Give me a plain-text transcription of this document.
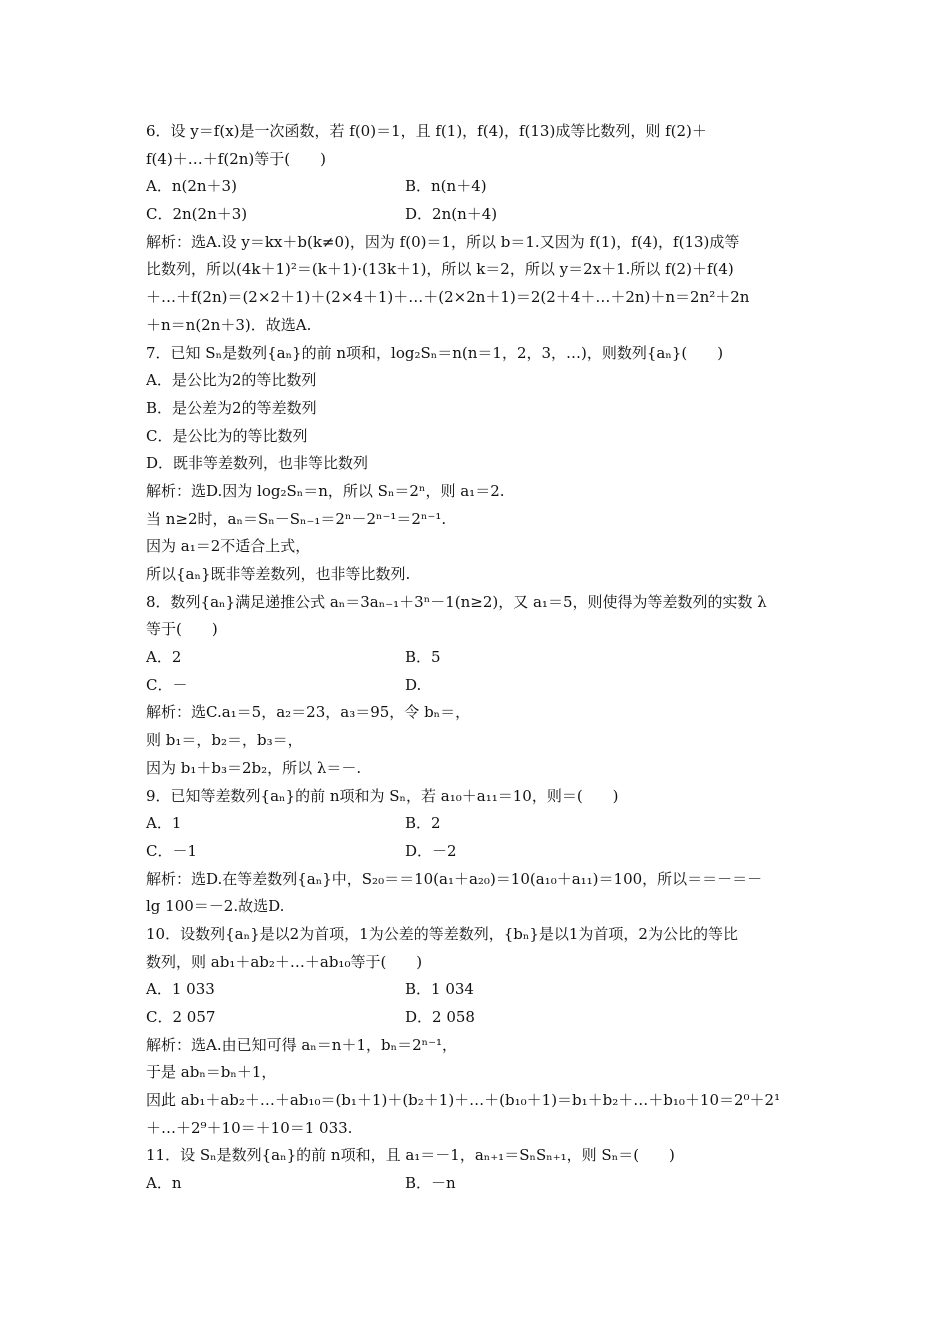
6．设 y＝f(x)是一次函数，若 f(0)＝1，且 f(1)，f(4)，f(13)成等比数列，则 f(2)＋
f(4)＋…＋f(2n)等于(　　)
A．n(2n＋3)	B．n(n＋4)
C．2n(2n＋3)	D．2n(n＋4)
解析：选A.设 y＝kx＋b(k≠0)，因为 f(0)＝1，所以 b＝1.又因为 f(1)，f(4)，f(13)成等
比数列，所以(4k＋1)²＝(k＋1)·(13k＋1)，所以 k＝2，所以 y＝2x＋1.所以 f(2)＋f(4)
＋…＋f(2n)＝(2×2＋1)＋(2×4＋1)＋…＋(2×2n＋1)＝2(2＋4＋…＋2n)＋n＝2n²＋2n
＋n＝n(2n＋3)．故选A.
7．已知 Sₙ是数列{aₙ}的前 n项和，log₂Sₙ＝n(n＝1，2，3，…)，则数列{aₙ}(　　)
A．是公比为2的等比数列
B．是公差为2的等差数列
C．是公比为的等比数列
D．既非等差数列，也非等比数列
解析：选D.因为 log₂Sₙ＝n，所以 Sₙ＝2ⁿ，则 a₁＝2.
当 n≥2时，aₙ＝Sₙ－Sₙ₋₁＝2ⁿ－2ⁿ⁻¹＝2ⁿ⁻¹.
因为 a₁＝2不适合上式，
所以{aₙ}既非等差数列，也非等比数列.
8．数列{aₙ}满足递推公式 aₙ＝3aₙ₋₁＋3ⁿ－1(n≥2)，又 a₁＝5，则使得为等差数列的实数 λ
等于(　　)
A．2	B．5
C．－	D.
解析：选C.a₁＝5，a₂＝23，a₃＝95，令 bₙ＝，
则 b₁＝，b₂＝，b₃＝，
因为 b₁＋b₃＝2b₂，所以 λ＝－.
9．已知等差数列{aₙ}的前 n项和为 Sₙ，若 a₁₀＋a₁₁＝10，则＝(　　)
A．1	B．2
C．－1	D．－2
解析：选D.在等差数列{aₙ}中，S₂₀＝＝10(a₁＋a₂₀)＝10(a₁₀＋a₁₁)＝100，所以＝＝－＝－
lg 100＝－2.故选D.
10．设数列{aₙ}是以2为首项，1为公差的等差数列，{bₙ}是以1为首项，2为公比的等比
数列，则 ab₁＋ab₂＋…＋ab₁₀等于(　　)
A．1 033	B．1 034
C．2 057	D．2 058
解析：选A.由已知可得 aₙ＝n＋1，bₙ＝2ⁿ⁻¹，
于是 abₙ＝bₙ＋1，
因此 ab₁＋ab₂＋…＋ab₁₀＝(b₁＋1)＋(b₂＋1)＋…＋(b₁₀＋1)＝b₁＋b₂＋…＋b₁₀＋10＝2⁰＋2¹
＋…＋2⁹＋10＝＋10＝1 033.
11．设 Sₙ是数列{aₙ}的前 n项和，且 a₁＝－1，aₙ₊₁＝SₙSₙ₊₁，则 Sₙ＝(　　)
A．n	B．－n
